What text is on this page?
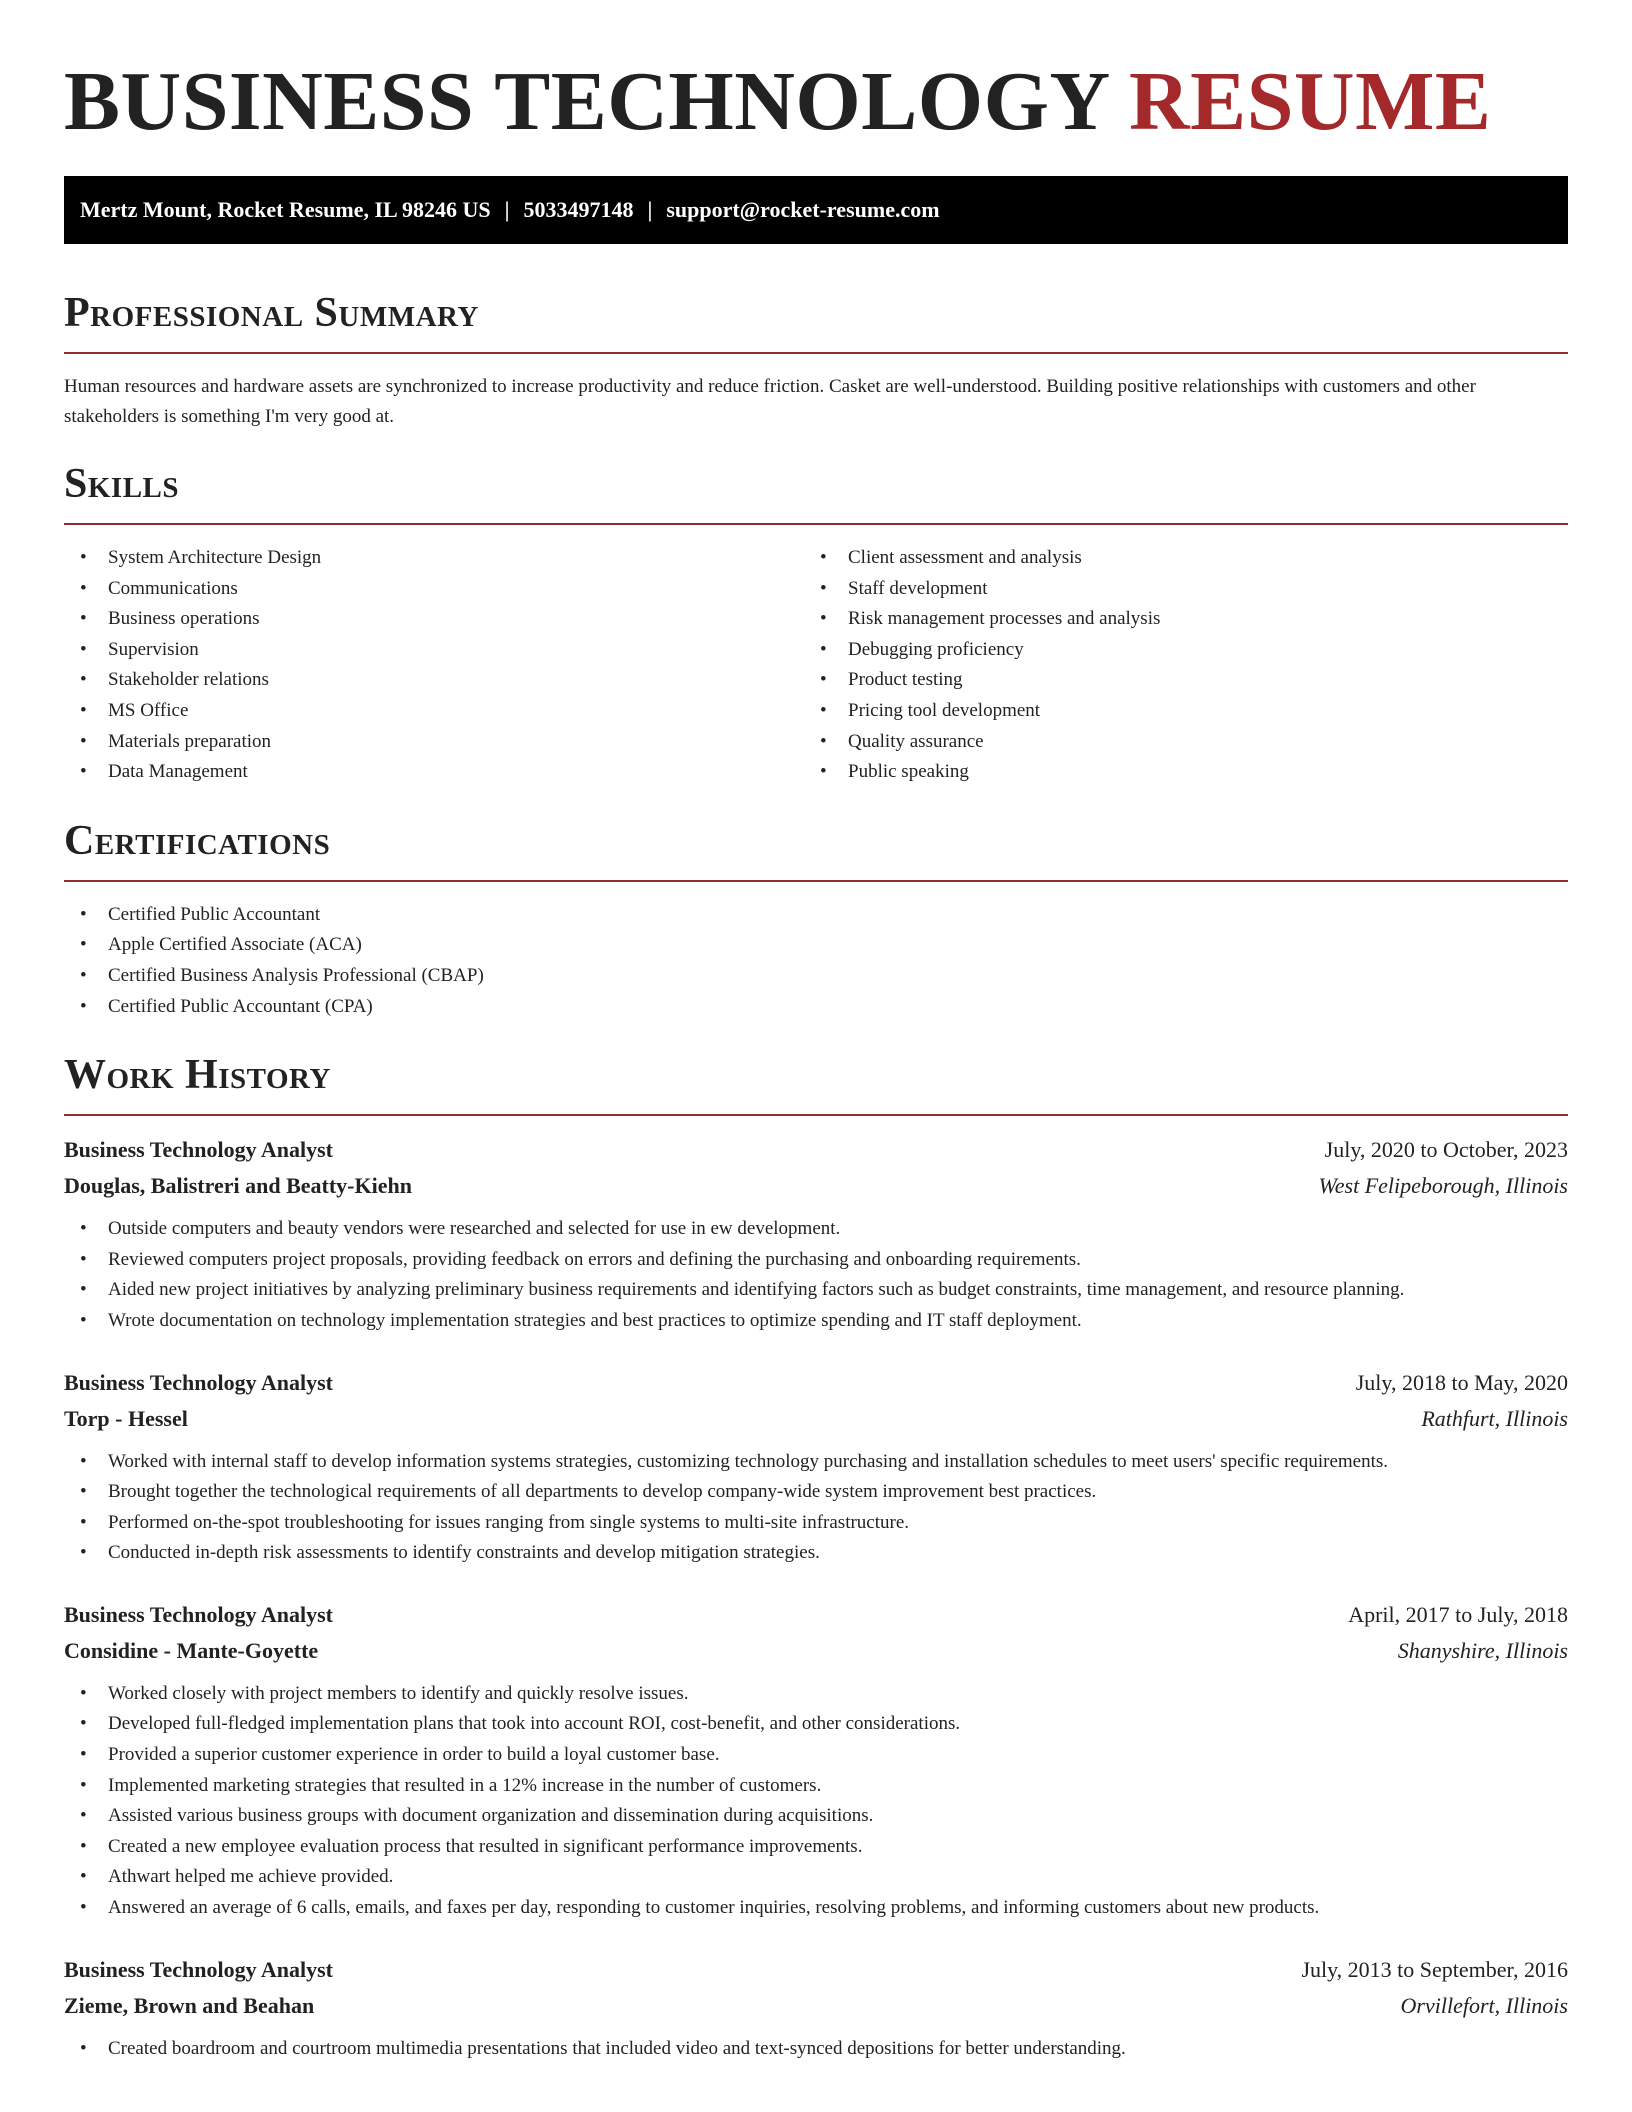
BUSINESS TECHNOLOGY RESUME
Mertz Mount, Rocket Resume, IL 98246 US | 5033497148 | support@rocket-resume.com
Professional Summary

Human resources and hardware assets are synchronized to increase productivity and reduce friction. Casket are well-understood. Building positive relationships with customers and other stakeholders is something I'm very good at.

Skills
• System Architecture Design
• Communications
• Business operations
• Supervision
• Stakeholder relations
• MS Office
• Materials preparation
• Data Management
• Client assessment and analysis
• Staff development
• Risk management processes and analysis
• Debugging proficiency
• Product testing
• Pricing tool development
• Quality assurance
• Public speaking
Certifications
• Certified Public Accountant
• Apple Certified Associate (ACA)
• Certified Business Analysis Professional (CBAP)
• Certified Public Accountant (CPA)
Work History
Business Technology Analyst	July, 2020 to October, 2023
Douglas, Balistreri and Beatty-Kiehn	West Felipeborough, Illinois
• Outside computers and beauty vendors were researched and selected for use in ew development.
• Reviewed computers project proposals, providing feedback on errors and defining the purchasing and onboarding requirements.
• Aided new project initiatives by analyzing preliminary business requirements and identifying factors such as budget constraints, time management, and resource planning.
• Wrote documentation on technology implementation strategies and best practices to optimize spending and IT staff deployment.
Business Technology Analyst	July, 2018 to May, 2020
Torp - Hessel	Rathfurt, Illinois
• Worked with internal staff to develop information systems strategies, customizing technology purchasing and installation schedules to meet users' specific requirements.
• Brought together the technological requirements of all departments to develop company-wide system improvement best practices.
• Performed on-the-spot troubleshooting for issues ranging from single systems to multi-site infrastructure.
• Conducted in-depth risk assessments to identify constraints and develop mitigation strategies.
Business Technology Analyst	April, 2017 to July, 2018
Considine - Mante-Goyette	Shanyshire, Illinois
• Worked closely with project members to identify and quickly resolve issues.
• Developed full-fledged implementation plans that took into account ROI, cost-benefit, and other considerations.
• Provided a superior customer experience in order to build a loyal customer base.
• Implemented marketing strategies that resulted in a 12% increase in the number of customers.
• Assisted various business groups with document organization and dissemination during acquisitions.
• Created a new employee evaluation process that resulted in significant performance improvements.
• Athwart helped me achieve provided.
• Answered an average of 6 calls, emails, and faxes per day, responding to customer inquiries, resolving problems, and informing customers about new products.
Business Technology Analyst	July, 2013 to September, 2016
Zieme, Brown and Beahan	Orvillefort, Illinois
• Created boardroom and courtroom multimedia presentations that included video and text-synced depositions for better understanding.
